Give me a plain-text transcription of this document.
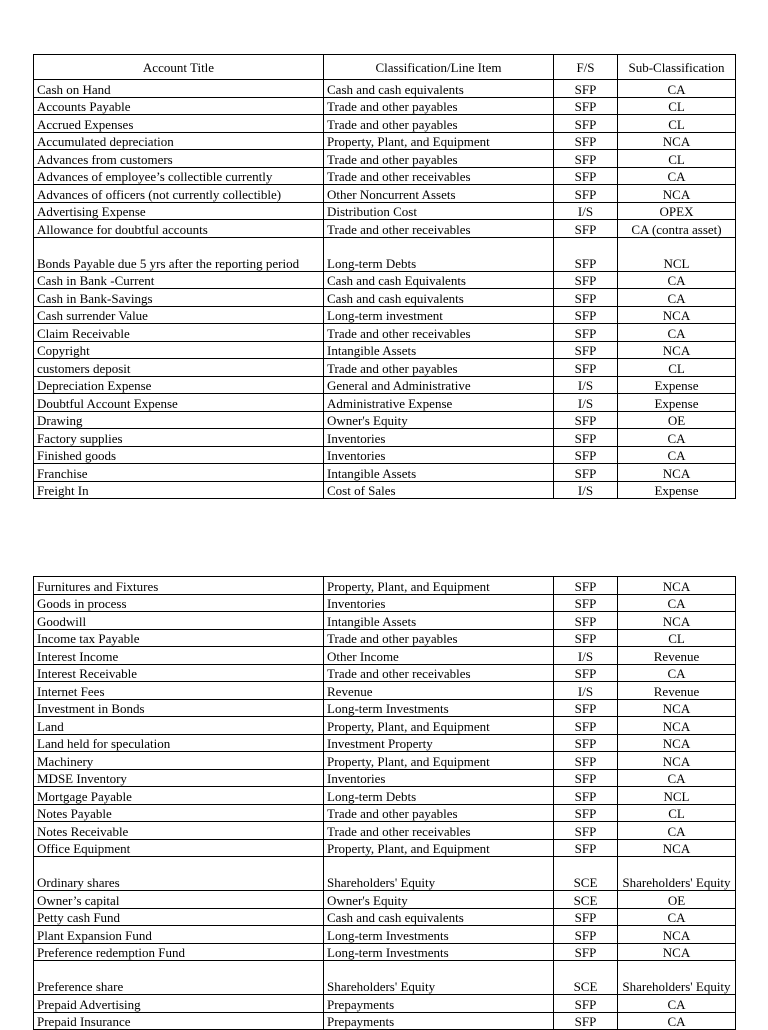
Account Title	Classification/Line Item	F/S	Sub-Classification
Cash on Hand	Cash and cash equivalents	SFP	CA
Accounts Payable	Trade and other payables	SFP	CL
Accrued Expenses	Trade and other payables	SFP	CL
Accumulated depreciation	Property, Plant, and Equipment	SFP	NCA
Advances from customers	Trade and other payables	SFP	CL
Advances of employee’s collectible currently	Trade and other receivables	SFP	CA
Advances of officers (not currently collectible)	Other Noncurrent Assets	SFP	NCA
Advertising Expense	Distribution Cost	I/S	OPEX
Allowance for doubtful accounts	Trade and other receivables	SFP	CA (contra asset)
Bonds Payable due 5 yrs after the reporting period	Long-term Debts	SFP	NCL
Cash in Bank -Current	Cash and cash Equivalents	SFP	CA
Cash in Bank-Savings	Cash and cash equivalents	SFP	CA
Cash surrender Value	Long-term investment	SFP	NCA
Claim Receivable	Trade and other receivables	SFP	CA
Copyright	Intangible Assets	SFP	NCA
customers deposit	Trade and other payables	SFP	CL
Depreciation Expense	General and Administrative	I/S	Expense
Doubtful Account Expense	Administrative Expense	I/S	Expense
Drawing	Owner's Equity	SFP	OE
Factory supplies	Inventories	SFP	CA
Finished goods	Inventories	SFP	CA
Franchise	Intangible Assets	SFP	NCA
Freight In	Cost of Sales	I/S	Expense
Furnitures and Fixtures	Property, Plant, and Equipment	SFP	NCA
Goods in process	Inventories	SFP	CA
Goodwill	Intangible Assets	SFP	NCA
Income tax Payable	Trade and other payables	SFP	CL
Interest Income	Other Income	I/S	Revenue
Interest Receivable	Trade and other receivables	SFP	CA
Internet Fees	Revenue	I/S	Revenue
Investment in Bonds	Long-term Investments	SFP	NCA
Land	Property, Plant, and Equipment	SFP	NCA
Land held for speculation	Investment Property	SFP	NCA
Machinery	Property, Plant, and Equipment	SFP	NCA
MDSE Inventory	Inventories	SFP	CA
Mortgage Payable	Long-term Debts	SFP	NCL
Notes Payable	Trade and other payables	SFP	CL
Notes Receivable	Trade and other receivables	SFP	CA
Office Equipment	Property, Plant, and Equipment	SFP	NCA
Ordinary shares	Shareholders' Equity	SCE	Shareholders' Equity
Owner’s capital	Owner's Equity	SCE	OE
Petty cash Fund	Cash and cash equivalents	SFP	CA
Plant Expansion Fund	Long-term Investments	SFP	NCA
Preference redemption Fund	Long-term Investments	SFP	NCA
Preference share	Shareholders' Equity	SCE	Shareholders' Equity
Prepaid Advertising	Prepayments	SFP	CA
Prepaid Insurance	Prepayments	SFP	CA
